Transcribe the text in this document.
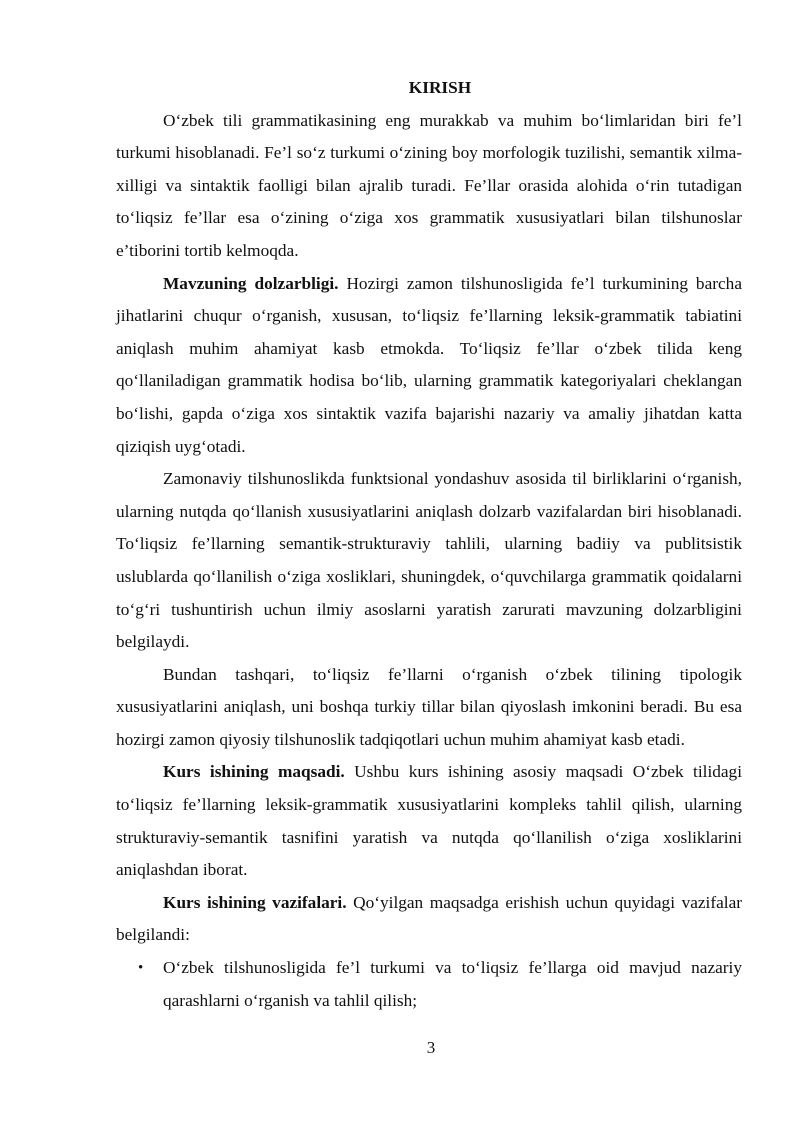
KIRISH

O‘zbek tili grammatikasining eng murakkab va muhim bo‘limlaridan biri fe’l turkumi hisoblanadi. Fe’l so‘z turkumi o‘zining boy morfologik tuzilishi, semantik xilma-xilligi va sintaktik faolligi bilan ajralib turadi. Fe’llar orasida alohida o‘rin tutadigan to‘liqsiz fe’llar esa o‘zining o‘ziga xos grammatik xususiyatlari bilan tilshunoslar e’tiborini tortib kelmoqda.

Mavzuning dolzarbligi. Hozirgi zamon tilshunosligida fe’l turkumining barcha jihatlarini chuqur o‘rganish, xususan, to‘liqsiz fe’llarning leksik-grammatik tabiatini aniqlash muhim ahamiyat kasb etmokda. To‘liqsiz fe’llar o‘zbek tilida keng qo‘llaniladigan grammatik hodisa bo‘lib, ularning grammatik kategoriyalari cheklangan bo‘lishi, gapda o‘ziga xos sintaktik vazifa bajarishi nazariy va amaliy jihatdan katta qiziqish uyg‘otadi.

Zamonaviy tilshunoslikda funktsional yondashuv asosida til birliklarini o‘rganish, ularning nutqda qo‘llanish xususiyatlarini aniqlash dolzarb vazifalardan biri hisoblanadi. To‘liqsiz fe’llarning semantik-strukturaviy tahlili, ularning badiiy va publitsistik uslublarda qo‘llanilish o‘ziga xosliklari, shuningdek, o‘quvchilarga grammatik qoidalarni to‘g‘ri tushuntirish uchun ilmiy asoslarni yaratish zarurati mavzuning dolzarbligini belgilaydi.

Bundan tashqari, to‘liqsiz fe’llarni o‘rganish o‘zbek tilining tipologik xususiyatlarini aniqlash, uni boshqa turkiy tillar bilan qiyoslash imkonini beradi. Bu esa hozirgi zamon qiyosiy tilshunoslik tadqiqotlari uchun muhim ahamiyat kasb etadi.

Kurs ishining maqsadi. Ushbu kurs ishining asosiy maqsadi O‘zbek tilidagi to‘liqsiz fe’llarning leksik-grammatik xususiyatlarini kompleks tahlil qilish, ularning strukturaviy-semantik tasnifini yaratish va nutqda qo‘llanilish o‘ziga xosliklarini aniqlashdan iborat.

Kurs ishining vazifalari. Qo‘yilgan maqsadga erishish uchun quyidagi vazifalar belgilandi:

• O‘zbek tilshunosligida fe’l turkumi va to‘liqsiz fe’llarga oid mavjud nazariy qarashlarni o‘rganish va tahlil qilish;
3
